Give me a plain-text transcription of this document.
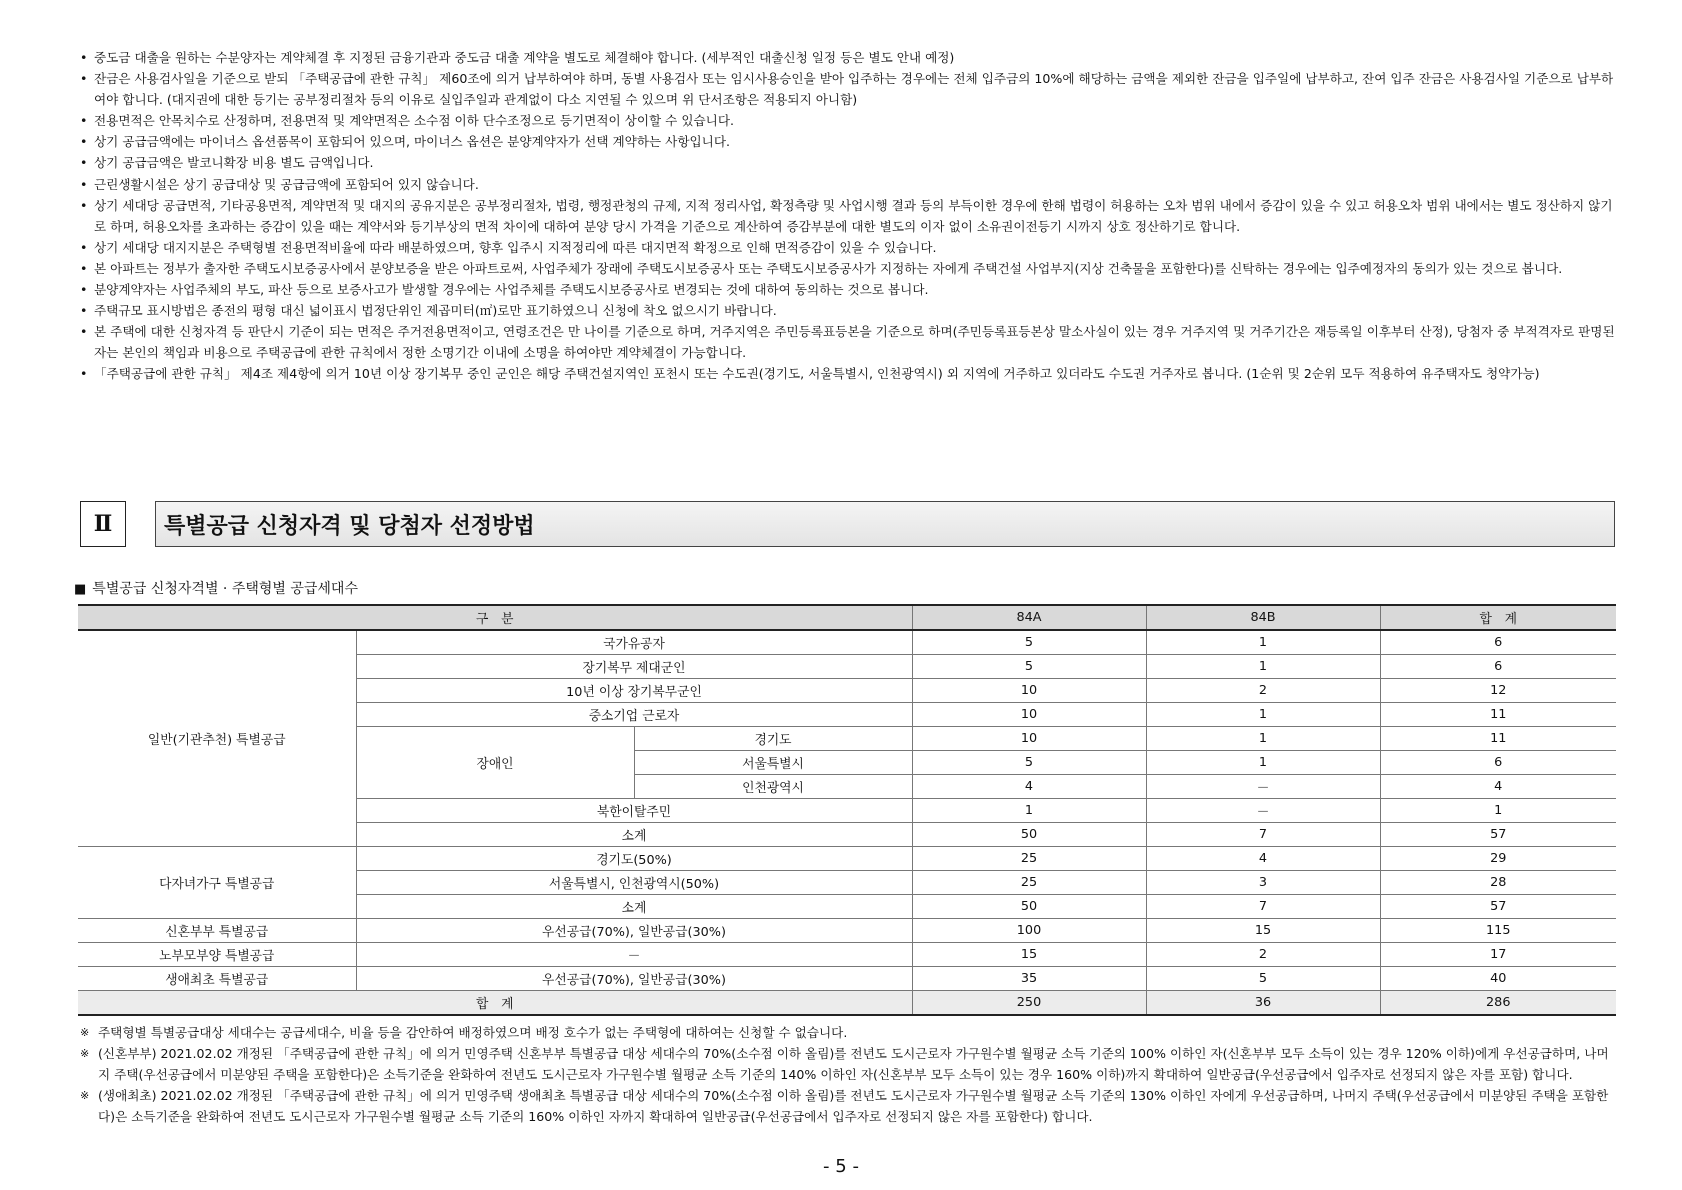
• 중도금 대출을 원하는 수분양자는 계약체결 후 지정된 금융기관과 중도금 대출 계약을 별도로 체결해야 합니다. (세부적인 대출신청 일정 등은 별도 안내 예정)
• 잔금은 사용검사일을 기준으로 받되 「주택공급에 관한 규칙」 제60조에 의거 납부하여야 하며, 동별 사용검사 또는 임시사용승인을 받아 입주하는 경우에는 전체 입주금의 10%에 해당하는 금액을 제외한 잔금을 입주일에 납부하고, 잔여 입주 잔금은 사용검사일 기준으로 납부하여야 합니다. (대지권에 대한 등기는 공부정리절차 등의 이유로 실입주일과 관계없이 다소 지연될 수 있으며 위 단서조항은 적용되지 아니함)
• 전용면적은 안목치수로 산정하며, 전용면적 및 계약면적은 소수점 이하 단수조정으로 등기면적이 상이할 수 있습니다.
• 상기 공급금액에는 마이너스 옵션품목이 포함되어 있으며, 마이너스 옵션은 분양계약자가 선택 계약하는 사항입니다.
• 상기 공급금액은 발코니확장 비용 별도 금액입니다.
• 근린생활시설은 상기 공급대상 및 공급금액에 포함되어 있지 않습니다.
• 상기 세대당 공급면적, 기타공용면적, 계약면적 및 대지의 공유지분은 공부정리절차, 법령, 행정관청의 규제, 지적 정리사업, 확정측량 및 사업시행 결과 등의 부득이한 경우에 한해 법령이 허용하는 오차 범위 내에서 증감이 있을 수 있고 허용오차 범위 내에서는 별도 정산하지 않기로 하며, 허용오차를 초과하는 증감이 있을 때는 계약서와 등기부상의 면적 차이에 대하여 분양 당시 가격을 기준으로 계산하여 증감부분에 대한 별도의 이자 없이 소유권이전등기 시까지 상호 정산하기로 합니다.
• 상기 세대당 대지지분은 주택형별 전용면적비율에 따라 배분하였으며, 향후 입주시 지적정리에 따른 대지면적 확정으로 인해 면적증감이 있을 수 있습니다.
• 본 아파트는 정부가 출자한 주택도시보증공사에서 분양보증을 받은 아파트로써, 사업주체가 장래에 주택도시보증공사 또는 주택도시보증공사가 지정하는 자에게 주택건설 사업부지(지상 건축물을 포함한다)를 신탁하는 경우에는 입주예정자의 동의가 있는 것으로 봅니다.
• 분양계약자는 사업주체의 부도, 파산 등으로 보증사고가 발생할 경우에는 사업주체를 주택도시보증공사로 변경되는 것에 대하여 동의하는 것으로 봅니다.
• 주택규모 표시방법은 종전의 평형 대신 넓이표시 법정단위인 제곱미터(㎡)로만 표기하였으니 신청에 착오 없으시기 바랍니다.
• 본 주택에 대한 신청자격 등 판단시 기준이 되는 면적은 주거전용면적이고, 연령조건은 만 나이를 기준으로 하며, 거주지역은 주민등록표등본을 기준으로 하며(주민등록표등본상 말소사실이 있는 경우 거주지역 및 거주기간은 재등록일 이후부터 산정), 당첨자 중 부적격자로 판명된 자는 본인의 책임과 비용으로 주택공급에 관한 규칙에서 정한 소명기간 이내에 소명을 하여야만 계약체결이 가능합니다.
• 「주택공급에 관한 규칙」 제4조 제4항에 의거 10년 이상 장기복무 중인 군인은 해당 주택건설지역인 포천시 또는 수도권(경기도, 서울특별시, 인천광역시) 외 지역에 거주하고 있더라도 수도권 거주자로 봅니다. (1순위 및 2순위 모두 적용하여 유주택자도 청약가능)
Ⅱ	특별공급 신청자격 및 당첨자 선정방법
■ 특별공급 신청자격별 · 주택형별 공급세대수
구　분			84A	84B	합　계
일반(기관추천) 특별공급	국가유공자		5	1	6
	장기복무 제대군인		5	1	6
	10년 이상 장기복무군인		10	2	12
	중소기업 근로자		10	1	11
	장애인	경기도	10	1	11
		서울특별시	5	1	6
		인천광역시	4	－	4
	북한이탈주민		1	－	1
	소계		50	7	57
다자녀가구 특별공급	경기도(50%)		25	4	29
	서울특별시, 인천광역시(50%)		25	3	28
	소계		50	7	57
신혼부부 특별공급	우선공급(70%), 일반공급(30%)		100	15	115
노부모부양 특별공급	－		15	2	17
생애최초 특별공급	우선공급(70%), 일반공급(30%)		35	5	40
합　계			250	36	286
※ 주택형별 특별공급대상 세대수는 공급세대수, 비율 등을 감안하여 배정하였으며 배정 호수가 없는 주택형에 대하여는 신청할 수 없습니다.
※ (신혼부부) 2021.02.02 개정된 「주택공급에 관한 규칙」에 의거 민영주택 신혼부부 특별공급 대상 세대수의 70%(소수점 이하 올림)를 전년도 도시근로자 가구원수별 월평균 소득 기준의 100% 이하인 자(신혼부부 모두 소득이 있는 경우 120% 이하)에게 우선공급하며, 나머지 주택(우선공급에서 미분양된 주택을 포함한다)은 소득기준을 완화하여 전년도 도시근로자 가구원수별 월평균 소득 기준의 140% 이하인 자(신혼부부 모두 소득이 있는 경우 160% 이하)까지 확대하여 일반공급(우선공급에서 입주자로 선정되지 않은 자를 포함) 합니다.
※ (생애최초) 2021.02.02 개정된 「주택공급에 관한 규칙」에 의거 민영주택 생애최초 특별공급 대상 세대수의 70%(소수점 이하 올림)를 전년도 도시근로자 가구원수별 월평균 소득 기준의 130% 이하인 자에게 우선공급하며, 나머지 주택(우선공급에서 미분양된 주택을 포함한다)은 소득기준을 완화하여 전년도 도시근로자 가구원수별 월평균 소득 기준의 160% 이하인 자까지 확대하여 일반공급(우선공급에서 입주자로 선정되지 않은 자를 포함한다) 합니다.
- 5 -
